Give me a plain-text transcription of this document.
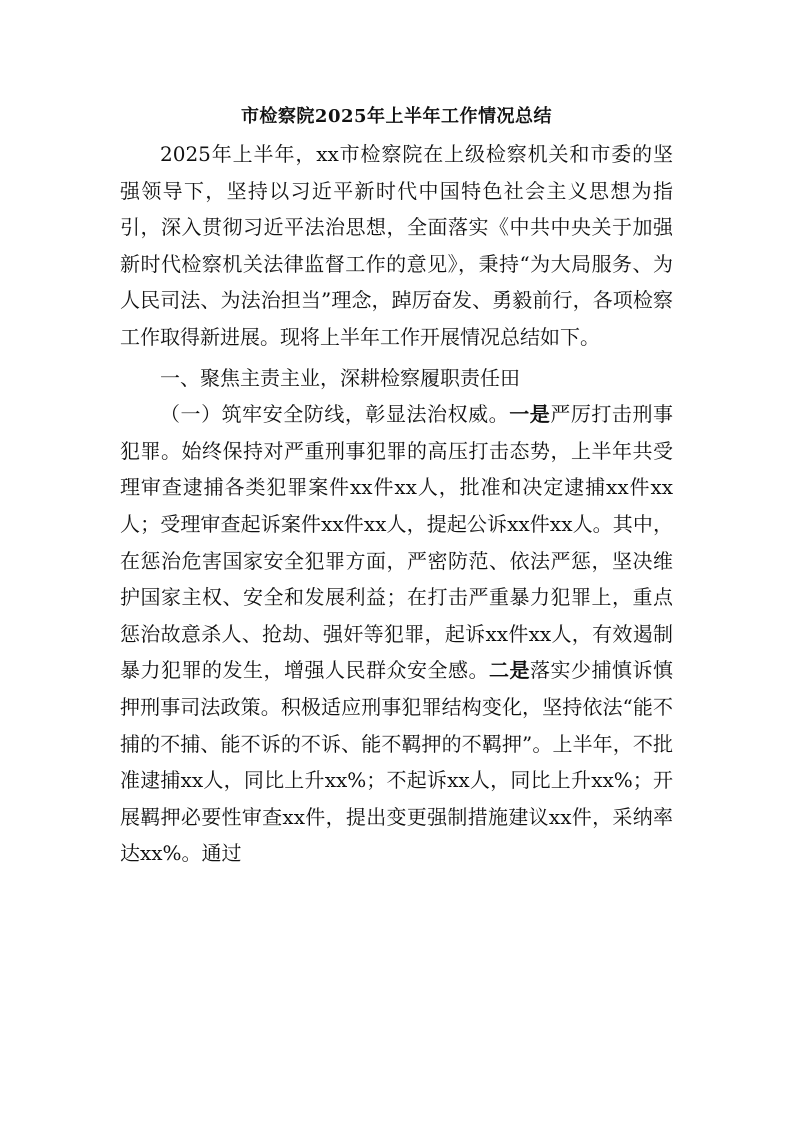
市检察院2025年上半年工作情况总结

2025年上半年，xx市检察院在上级检察机关和市委的坚强领导下，坚持以习近平新时代中国特色社会主义思想为指引，深入贯彻习近平法治思想，全面落实《中共中央关于加强新时代检察机关法律监督工作的意见》，秉持“为大局服务、为人民司法、为法治担当”理念，踔厉奋发、勇毅前行，各项检察工作取得新进展。现将上半年工作开展情况总结如下。

一、聚焦主责主业，深耕检察履职责任田

（一）筑牢安全防线，彰显法治权威。一是严厉打击刑事犯罪。始终保持对严重刑事犯罪的高压打击态势，上半年共受理审查逮捕各类犯罪案件xx件xx人，批准和决定逮捕xx件xx人；受理审查起诉案件xx件xx人，提起公诉xx件xx人。其中，在惩治危害国家安全犯罪方面，严密防范、依法严惩，坚决维护国家主权、安全和发展利益；在打击严重暴力犯罪上，重点惩治故意杀人、抢劫、强奸等犯罪，起诉xx件xx人，有效遏制暴力犯罪的发生，增强人民群众安全感。二是落实少捕慎诉慎押刑事司法政策。积极适应刑事犯罪结构变化，坚持依法“能不捕的不捕、能不诉的不诉、能不羁押的不羁押”。上半年，不批准逮捕xx人，同比上升xx%；不起诉xx人，同比上升xx%；开展羁押必要性审查xx件，提出变更强制措施建议xx件，采纳率达xx%。通过
